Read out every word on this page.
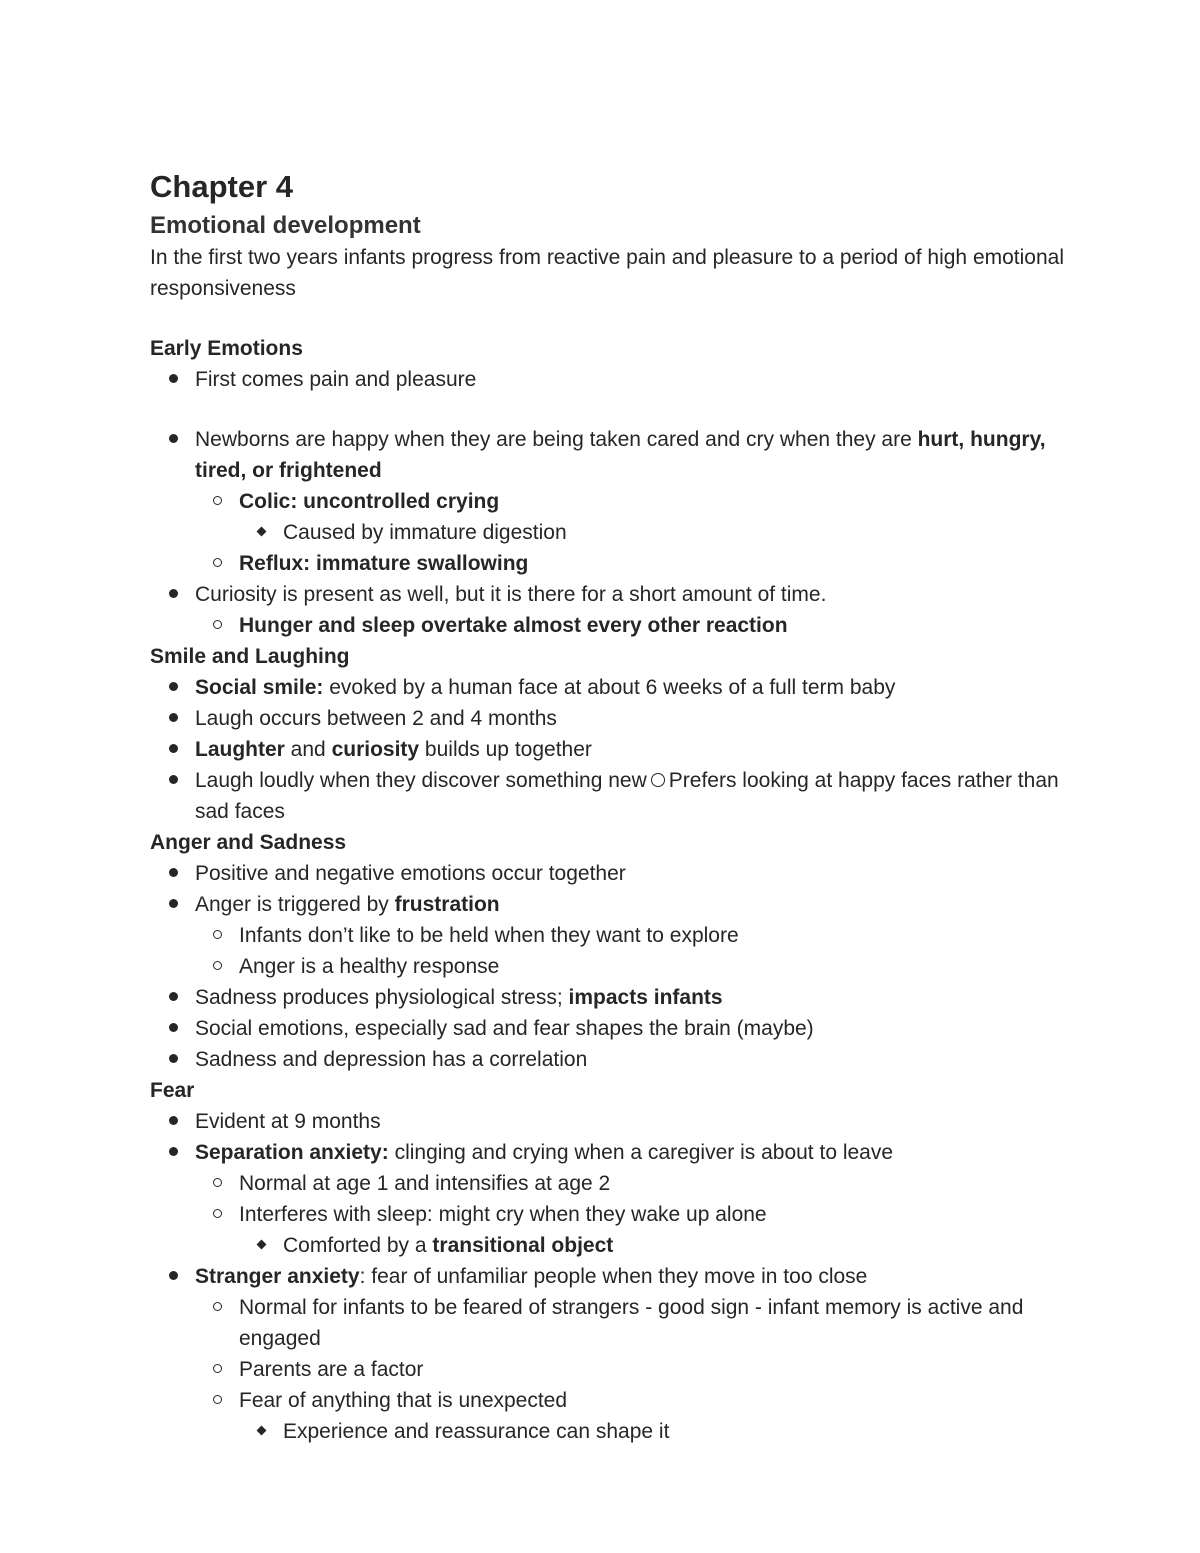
Chapter 4
Emotional development

In the first two years infants progress from reactive pain and pleasure to a period of high emotional responsiveness

Early Emotions

First comes pain and pleasure
Newborns are happy when they are being taken cared and cry when they are hurt, hungry, tired, or frightened
Colic: uncontrolled crying
Caused by immature digestion
Reflux: immature swallowing
Curiosity is present as well, but it is there for a short amount of time.
Hunger and sleep overtake almost every other reaction

Smile and Laughing

Social smile: evoked by a human face at about 6 weeks of a full term baby
Laugh occurs between 2 and 4 months
Laughter and curiosity builds up together
Laugh loudly when they discover something new Prefers looking at happy faces rather than sad faces

Anger and Sadness

Positive and negative emotions occur together
Anger is triggered by frustration
Infants don’t like to be held when they want to explore
Anger is a healthy response
Sadness produces physiological stress; impacts infants
Social emotions, especially sad and fear shapes the brain (maybe)
Sadness and depression has a correlation

Fear

Evident at 9 months
Separation anxiety: clinging and crying when a caregiver is about to leave
Normal at age 1 and intensifies at age 2
Interferes with sleep: might cry when they wake up alone
Comforted by a transitional object
Stranger anxiety: fear of unfamiliar people when they move in too close
Normal for infants to be feared of strangers - good sign - infant memory is active and engaged
Parents are a factor
Fear of anything that is unexpected
Experience and reassurance can shape it
